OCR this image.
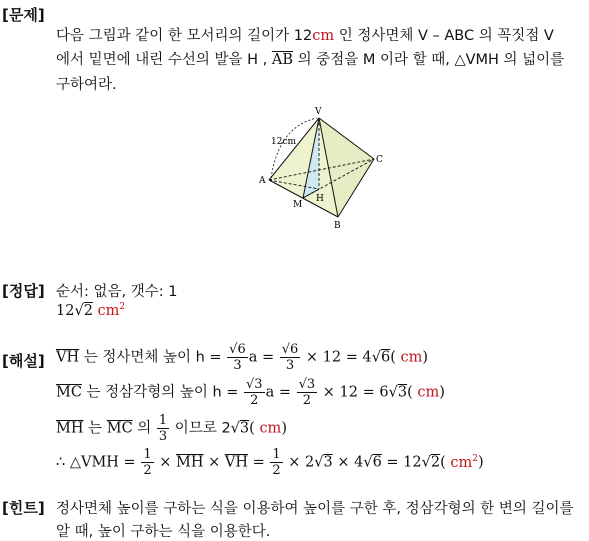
[문제]
다음 그림과 같이 한 모서리의 길이가 12cm 인 정사면체 V – ABC 의 꼭짓점 V
에서 밑면에 내린 수선의 발을 H , $\overline{AB}$ 의 중점을 M 이라 할 때, △VMH 의 넓이를
구하여라.
12cm
V
A
B
C
M
H
[정답] 순서: 없음, 갯수: 1
12√2 $cm^2$
[해설] $\overline{VH}$ 는 정사면체 높이 $h = \frac{√6}{3}$ $a = \frac{√6}{3} \times 12 = 4√6$( cm)
$\overline{MC}$ 는 정삼각형의 높이 $h = \frac{√3}{2}$ $a = \frac{√3}{2} \times 12 = 6√3$( cm)
$\overline{MH}$ 는 $\overline{MC}$ 의 $\frac{1}{3}$ 이므로 2√3( cm)
∴ △VMH = $\frac{1}{2} \times \overline{MH} \times \overline{VH} = \frac{1}{2} \times 2√3 \times 4√6 = 12√2$( $cm^2$)
[힌트] 정사면체 높이를 구하는 식을 이용하여 높이를 구한 후, 정삼각형의 한 변의 길이를
알 때, 높이 구하는 식을 이용한다.
